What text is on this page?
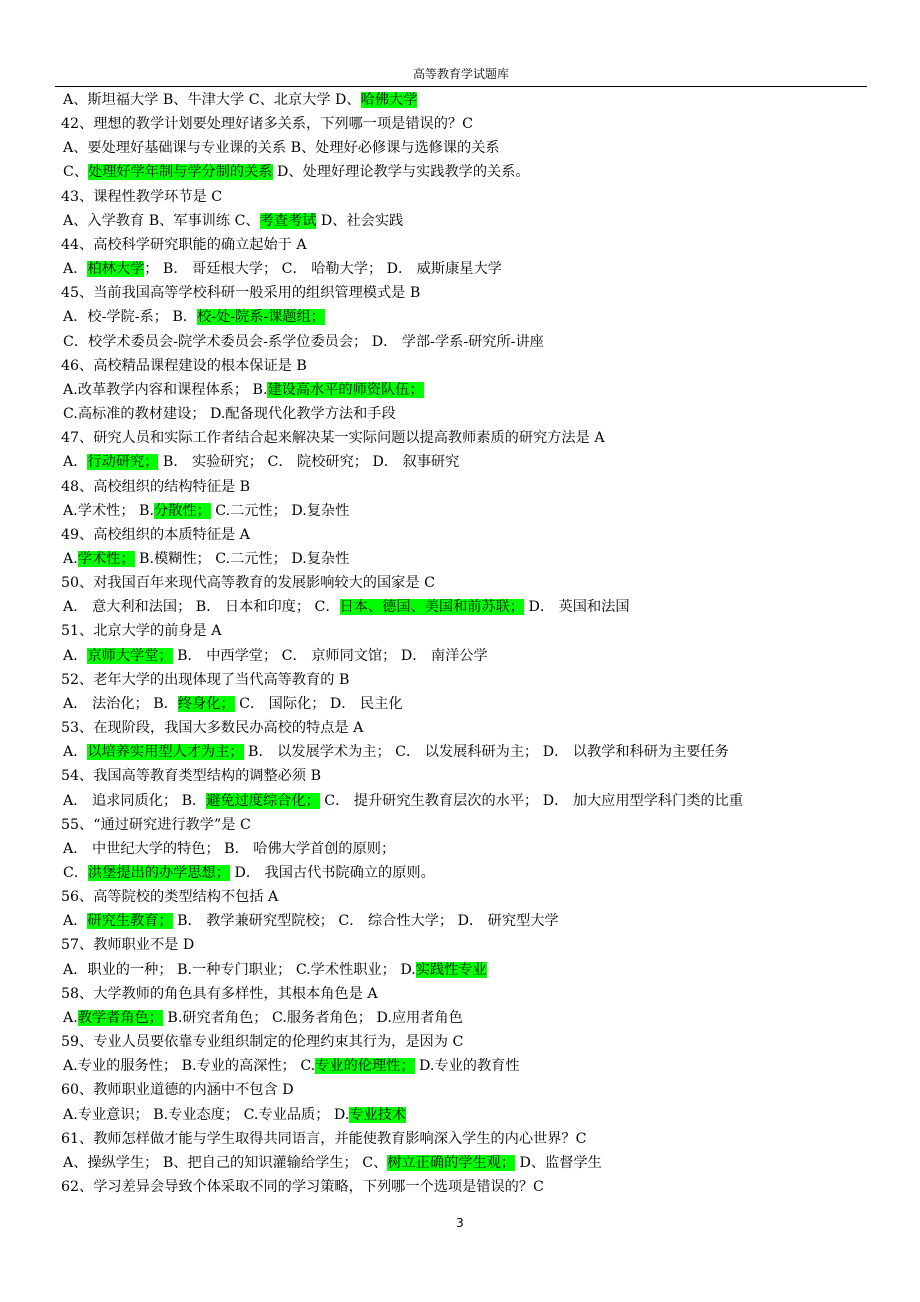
高等教育学试题库
A、斯坦福大学 B、牛津大学 C、北京大学 D、哈佛大学
42、理想的教学计划要处理好诸多关系，下列哪一项是错误的？C
A、要处理好基础课与专业课的关系 B、处理好必修课与选修课的关系
C、处理好学年制与学分制的关系 D、处理好理论教学与实践教学的关系。
43、课程性教学环节是 C
A、入学教育 B、军事训练 C、考查考试 D、社会实践
44、高校科学研究职能的确立起始于 A
A．柏林大学； B． 哥廷根大学； C． 哈勒大学； D． 威斯康星大学
45、当前我国高等学校科研一般采用的组织管理模式是 B
A．校-学院-系； B．校-处-院系-课题组；
C．校学术委员会-院学术委员会-系学位委员会； D． 学部-学系-研究所-讲座
46、高校精品课程建设的根本保证是 B
A.改革教学内容和课程体系； B.建设高水平的师资队伍；
C.高标准的教材建设； D.配备现代化教学方法和手段
47、研究人员和实际工作者结合起来解决某一实际问题以提高教师素质的研究方法是 A
A．行动研究； B． 实验研究； C． 院校研究； D． 叙事研究
48、高校组织的结构特征是 B
A.学术性； B.分散性； C.二元性； D.复杂性
49、高校组织的本质特征是 A
A.学术性； B.模糊性； C.二元性； D.复杂性
50、对我国百年来现代高等教育的发展影响较大的国家是 C
A． 意大利和法国； B． 日本和印度； C．日本、德国、美国和前苏联； D． 英国和法国
51、北京大学的前身是 A
A．京师大学堂； B． 中西学堂； C． 京师同文馆； D． 南洋公学
52、老年大学的出现体现了当代高等教育的 B
A． 法治化； B．终身化； C． 国际化； D． 民主化
53、在现阶段，我国大多数民办高校的特点是 A
A．以培养实用型人才为主； B． 以发展学术为主； C． 以发展科研为主； D． 以教学和科研为主要任务
54、我国高等教育类型结构的调整必须 B
A． 追求同质化； B．避免过度综合化； C． 提升研究生教育层次的水平； D． 加大应用型学科门类的比重
55、“通过研究进行教学”是 C
A． 中世纪大学的特色； B． 哈佛大学首创的原则；
C．洪堡提出的办学思想； D． 我国古代书院确立的原则。
56、高等院校的类型结构不包括 A
A．研究生教育； B． 教学兼研究型院校； C． 综合性大学； D． 研究型大学
57、教师职业不是 D
A．职业的一种； B.一种专门职业； C.学术性职业； D.实践性专业
58、大学教师的角色具有多样性，其根本角色是 A
A.教学者角色； B.研究者角色； C.服务者角色； D.应用者角色
59、专业人员要依靠专业组织制定的伦理约束其行为，是因为 C
A.专业的服务性； B.专业的高深性； C.专业的伦理性； D.专业的教育性
60、教师职业道德的内涵中不包含 D
A.专业意识； B.专业态度； C.专业品质； D.专业技术
61、教师怎样做才能与学生取得共同语言，并能使教育影响深入学生的内心世界？C
A、操纵学生； B、把自己的知识灌输给学生； C、树立正确的学生观； D、监督学生
62、学习差异会导致个体采取不同的学习策略，下列哪一个选项是错误的？C
3
